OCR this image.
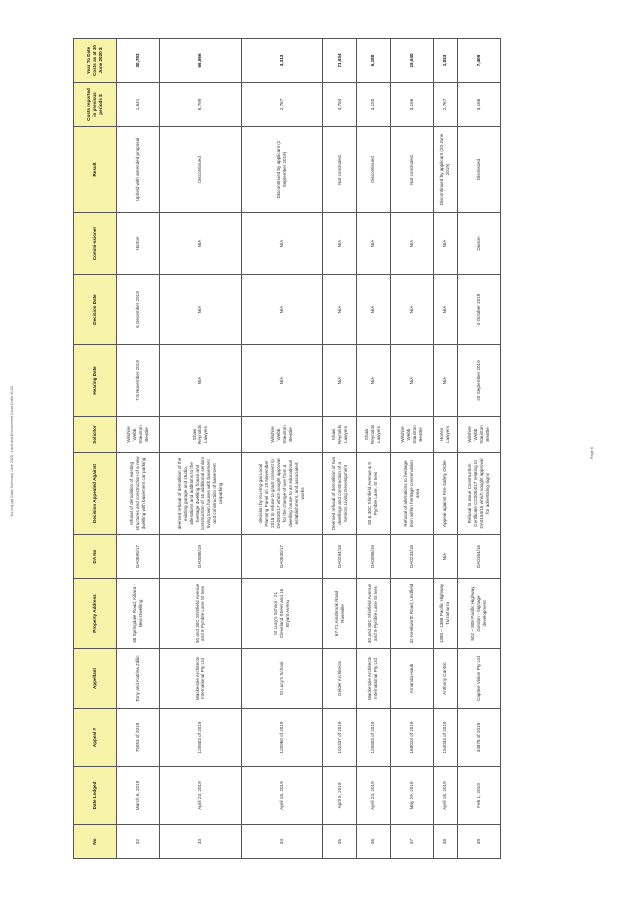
Ku-ring-gai Case Summary June 2020 - Land and Environment Court Costs XLSX
No	Date Lodged	Appeal #	Appellant	Property Address	DA No	Decision Appealed Against	Solicitor	Hearing Date	Decision Date	Commi-ssioner	Result	Costs reported in previous periods $	Year To Date Costs as at 30 June 2020 $
32	March 6, 2019	75053 of 2019	Tony and Katrina Zdilic	38 Springdale Road, Killara - New Dwelling	DA0590/17	refusal of demolition of existing structures and construction of a new dwelling with basement car parking	Wilshire Webb Staunton Beattie	7-8 November 2019	6 December 2019	Horton	Upheld with amended proposal	1,641	30,783
33	April 23, 2019	125803 of 2019	Mackenzie Architects International Pty Ltd	30 and 30C Shinfield Avenue and 9 Pymble Lane St Ives	DA0086/19	deemed refusal of demolition of the existing garage and studio, alterations and additions to the heritage dwelling house and construction of 16 additional seniors living town houses with basement and construction of basement carparking	Shaw Reynolds Lawyers	N/A	N/A	N/A	Discontinued	6,799	66,956
34	April 18, 2019	120960 of 2019	St Lucy's School	St Lucy's School - 21 Cleveland Street and 16 Bryant Avenu	DA0530/17	decision by Ku-ring-gai Local Planning Panel on 19 November 2018 to refuse to grant consent to DA0530/17 which sought approval for the change of use from a dwelling house to an educational establishment, and associated works	Wilshire Webb Staunton Beattie	N/A	N/A	N/A	Discontinued by applicant (2 September 2019)	2,767	3,313
35	April 5, 2019	102437 of 2019	Gelder Architects	67-71 Ainsbrook Road Roseville	DA0294/18	Deemed refusal of demolition of two dwellings and construction of a Seniors Living Development	Shaw Reynolds Lawyers	N/A	N/A	N/A	Not concluded.	4,784	71,934
36	April 23, 2019	125803 of 2019	Mackenzie Architects International Pty Ltd	30 and 30C Shinfield Avenue and 9 Pymble Lane St Ives	DA0086/19	30 & 30C Shinfield Avenue & 9 Pymble Lane, St Ives	Shaw Reynolds Lawyers	N/A	N/A	N/A	Discontinued	3,150	6,180
37	May 29, 2019	168023 of 2019	Amanda Haub	32 Kenilworth Road, Lindfield	DA0233/18	Refusal of alterations to heritage item within heritage conservation area	Wilshire Webb Staunton Beattie	N/A	N/A	N/A	Not concluded.	3,166	19,540
38	April 16, 2019	154034 of 2019	Anthony Cantric	1380 – 1388 Pacific Highway Turramurra	N/A	Appeal against Fire Safety Order	Hones Lawyers	N/A	N/A	N/A	Discontinued by applicant (20 June 2019)	2,767	1,033
39	Feb 1, 2019	34878 of 2019	Captive Vision Pty Ltd	802 – 808 Pacific Highway Gordon - Signage development	DA0164/16	Refusal to issue Construction Certificate CC0054/17 relating to DA0164/16 which sought approval for advertising signs	Wilshire Webb Staunton Beattie	20 September 2019	4 October 2019	Dixson	Dismissed	3,166	7,409
Page 6
